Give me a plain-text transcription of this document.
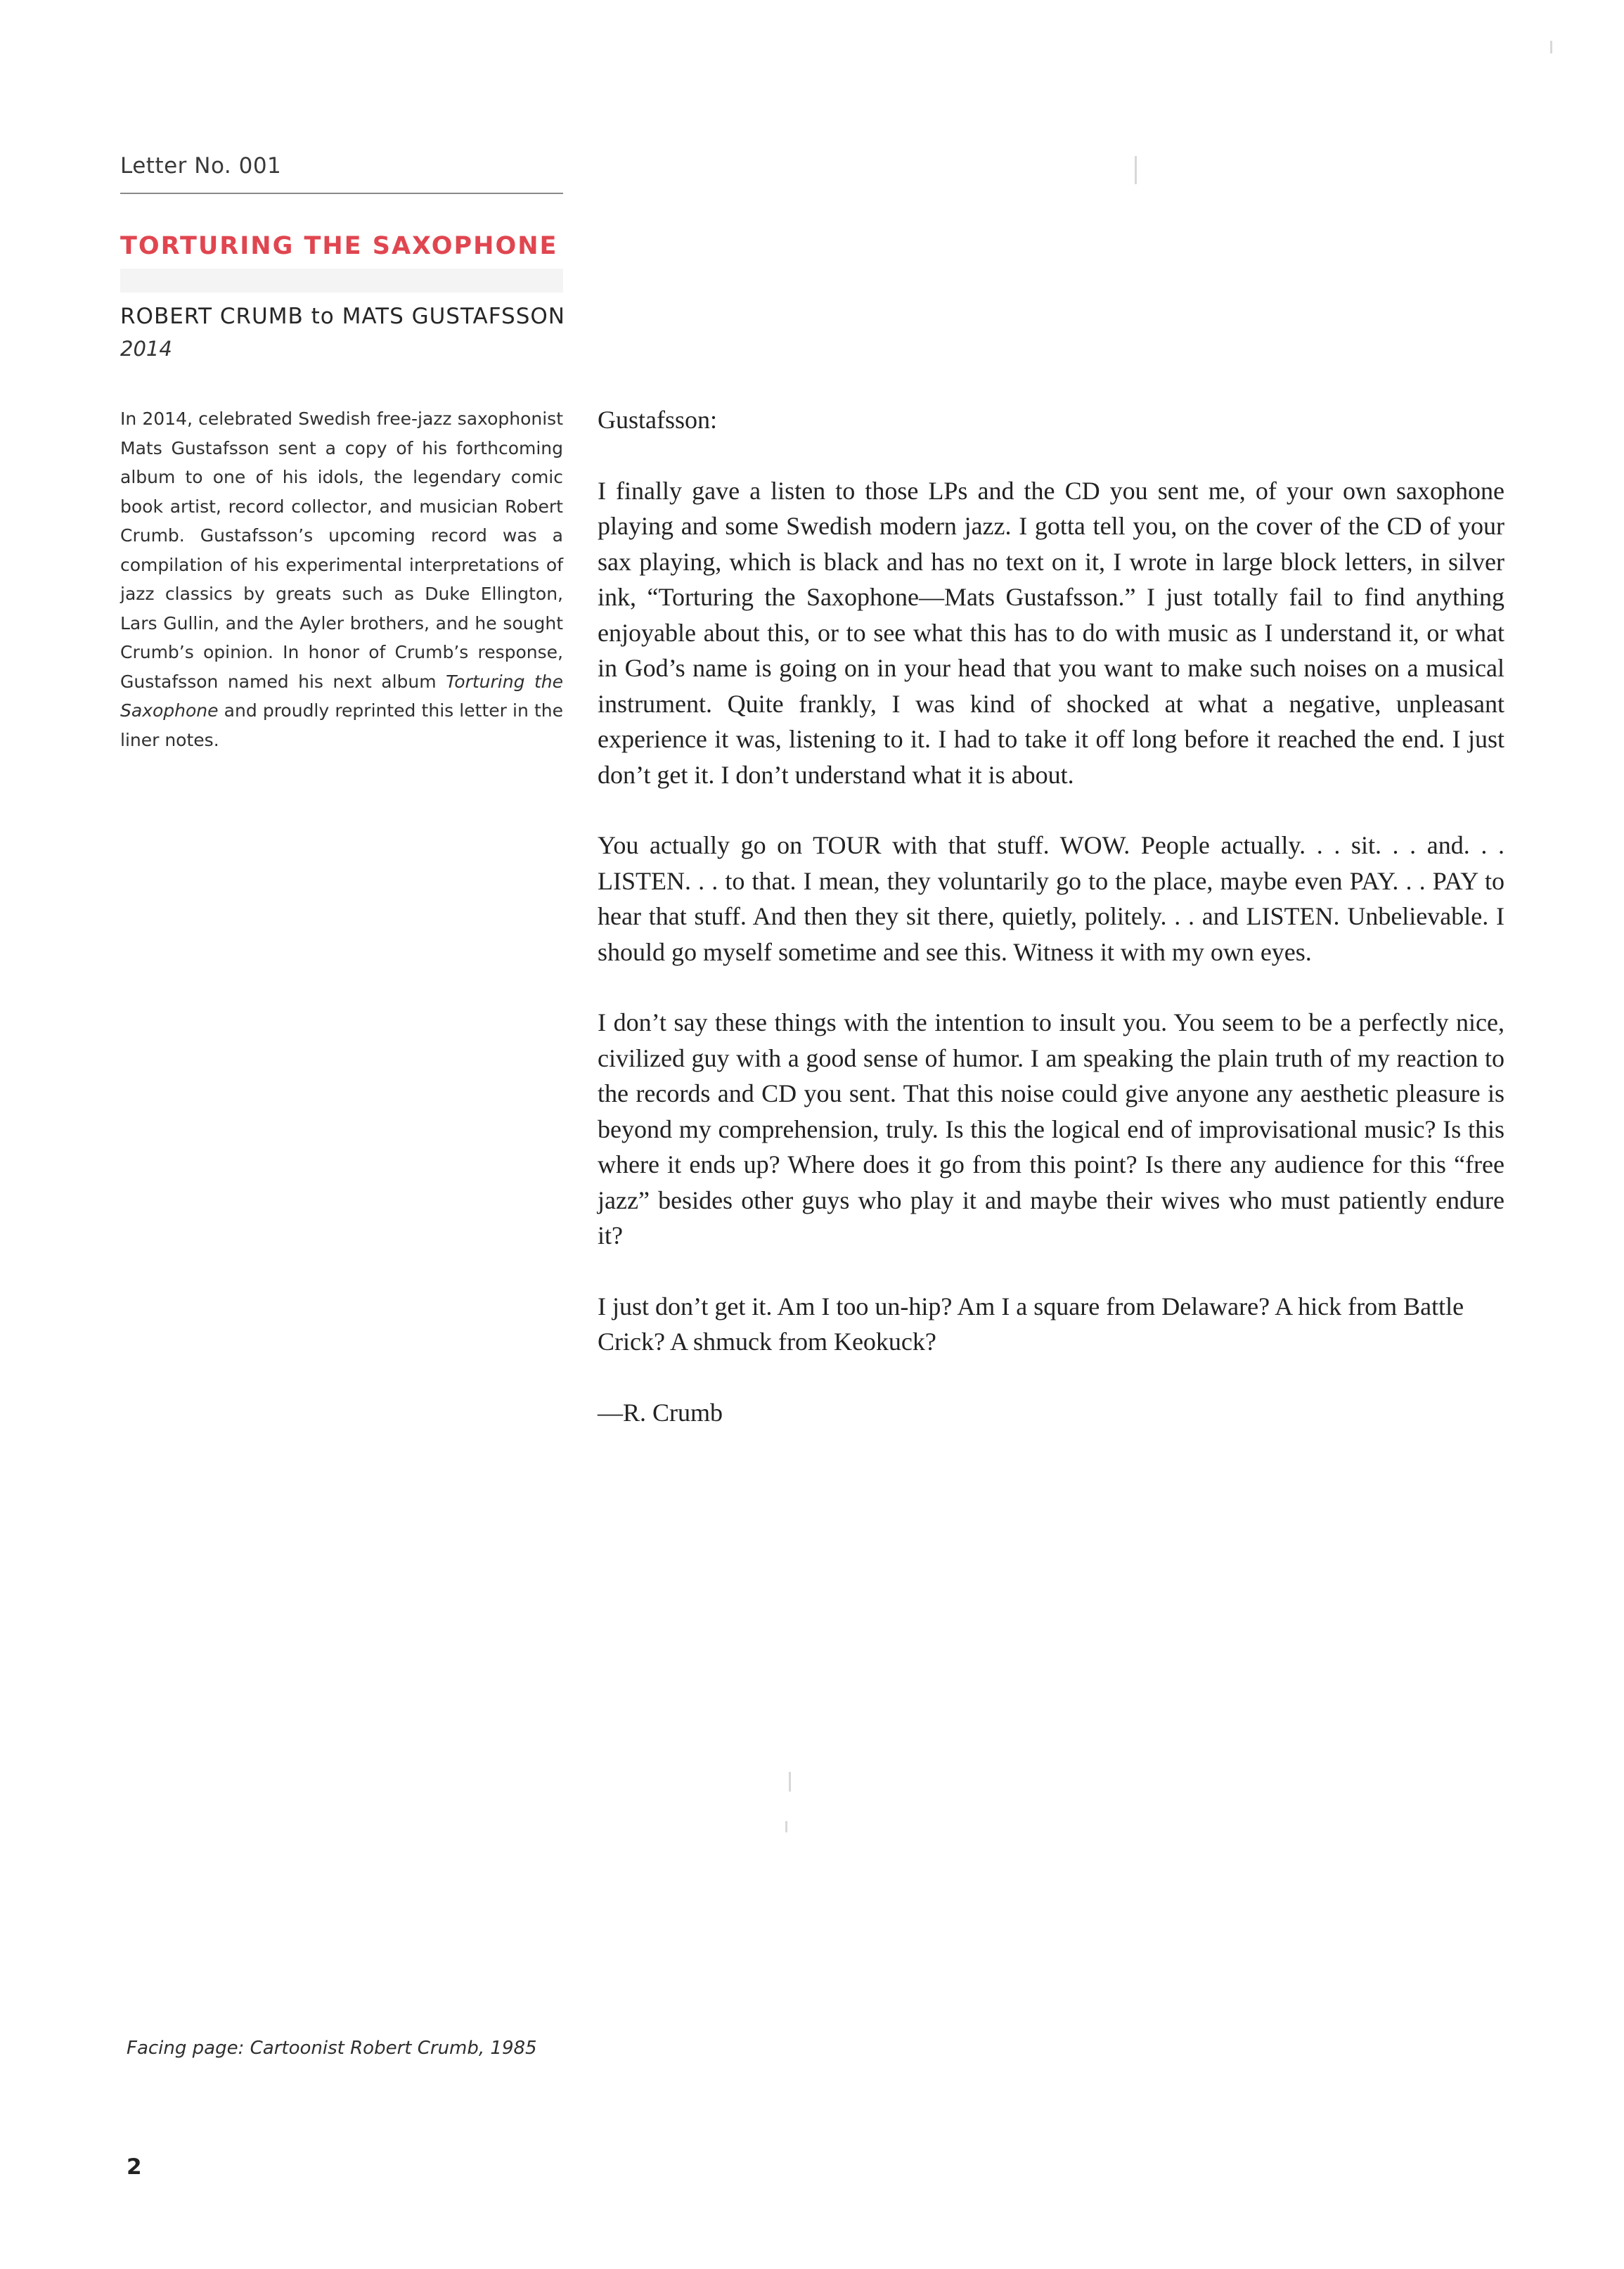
Letter No. 001
TORTURING THE SAXOPHONE
ROBERT CRUMB to MATS GUSTAFSSON
2014

In 2014, celebrated Swedish free-jazz saxophonist Mats Gustafsson sent a copy of his forthcoming album to one of his idols, the legendary comic book artist, record collector, and musician Robert Crumb. Gustafsson’s upcoming record was a compilation of his experimental interpretations of jazz classics by greats such as Duke Ellington, Lars Gullin, and the Ayler brothers, and he sought Crumb’s opinion. In honor of Crumb’s response, Gustafsson named his next album Torturing the Saxophone and proudly reprinted this letter in the liner notes.

Gustafsson:

I finally gave a listen to those LPs and the CD you sent me, of your own saxophone playing and some Swedish modern jazz. I gotta tell you, on the cover of the CD of your sax playing, which is black and has no text on it, I wrote in large block letters, in silver ink, “Torturing the Saxophone—Mats Gustafsson.” I just totally fail to find anything enjoyable about this, or to see what this has to do with music as I understand it, or what in God’s name is going on in your head that you want to make such noises on a musical instrument. Quite frankly, I was kind of shocked at what a negative, unpleasant experience it was, listening to it. I had to take it off long before it reached the end. I just don’t get it. I don’t understand what it is about.

You actually go on TOUR with that stuff. WOW. People actually. . . sit. . . and. . . LISTEN. . . to that. I mean, they voluntarily go to the place, maybe even PAY. . . PAY to hear that stuff. And then they sit there, quietly, politely. . . and LISTEN. Unbelievable. I should go myself sometime and see this. Witness it with my own eyes.

I don’t say these things with the intention to insult you. You seem to be a perfectly nice, civilized guy with a good sense of humor. I am speaking the plain truth of my reaction to the records and CD you sent. That this noise could give anyone any aesthetic pleasure is beyond my comprehension, truly. Is this the logical end of improvisational music? Is this where it ends up? Where does it go from this point? Is there any audience for this “free jazz” besides other guys who play it and maybe their wives who must patiently endure it?

I just don’t get it. Am I too un-hip? Am I a square from Delaware? A hick from Battle Crick? A shmuck from Keokuck?

—R. Crumb

Facing page: Cartoonist Robert Crumb, 1985
2
